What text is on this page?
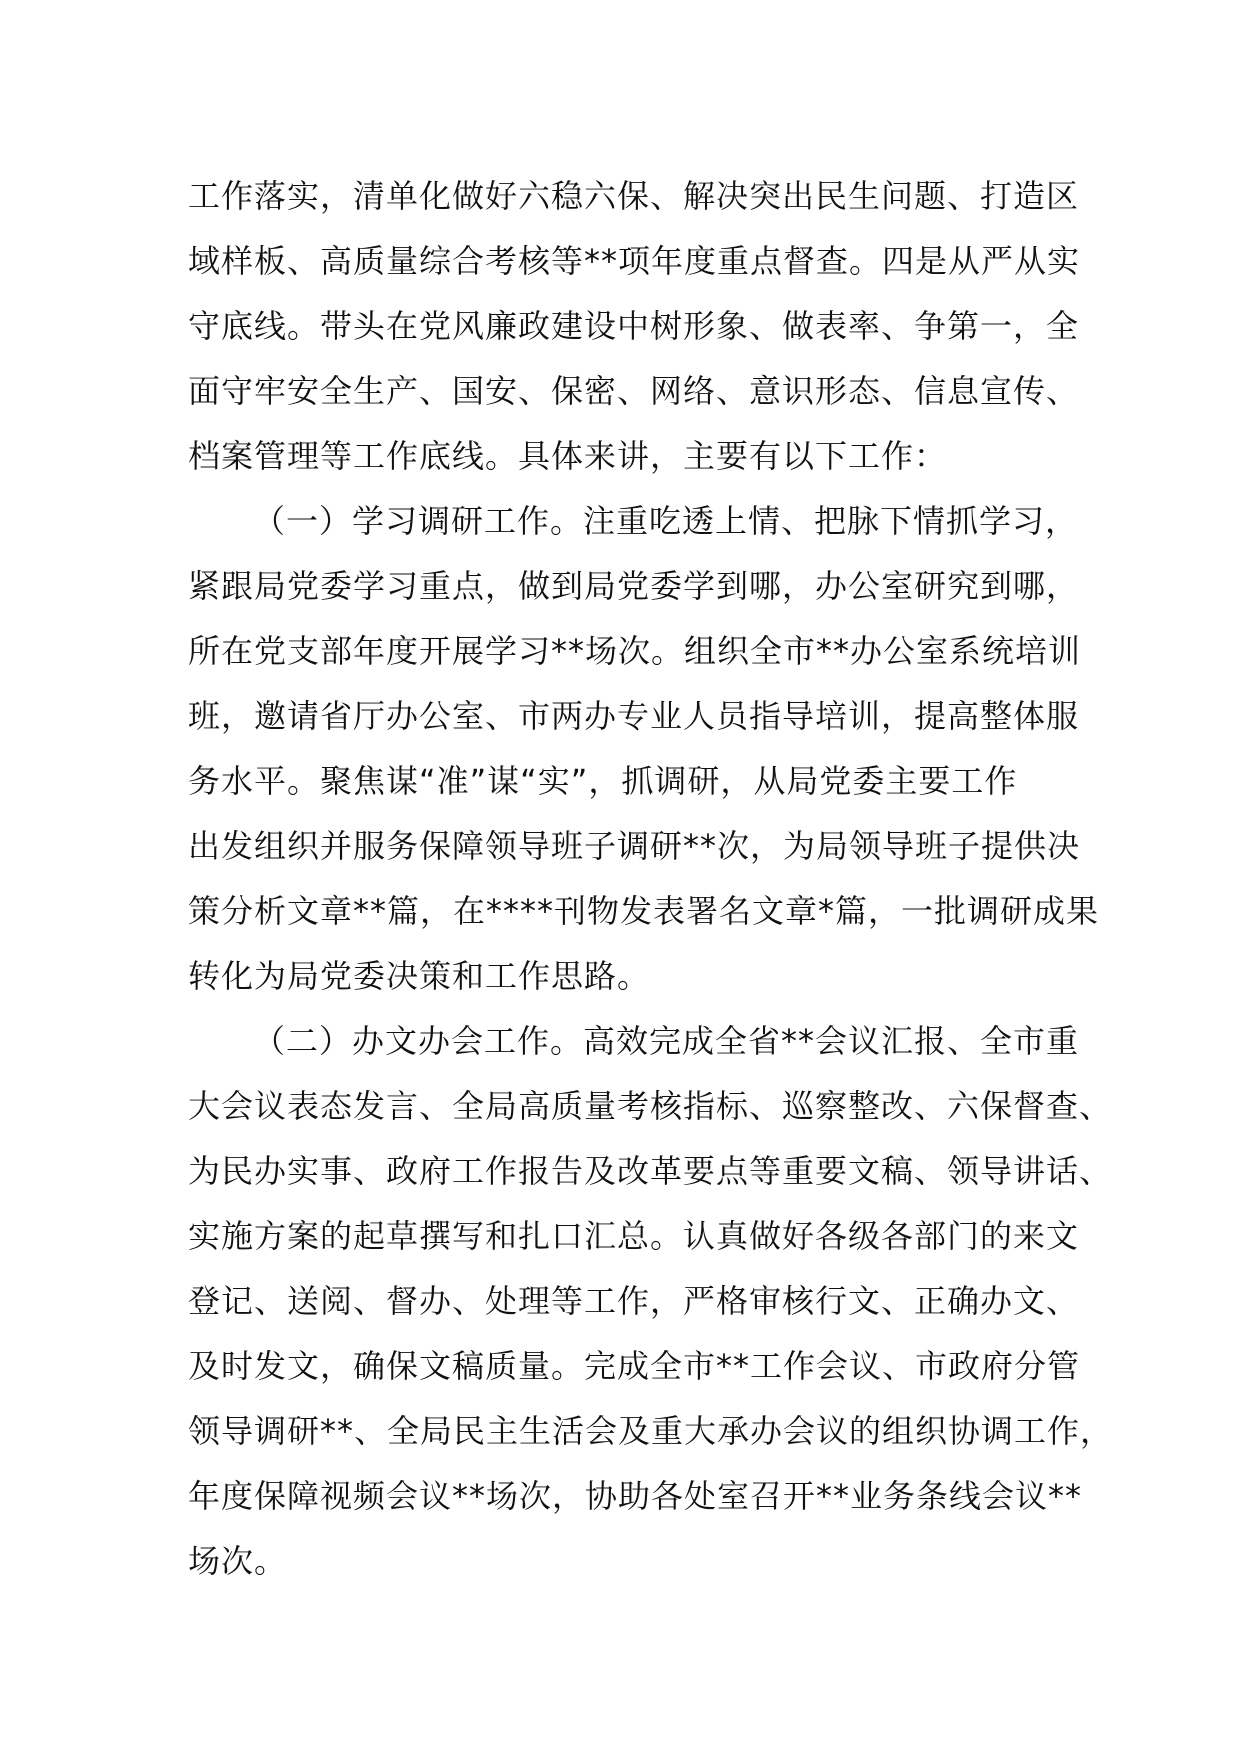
工作落实，清单化做好六稳六保、解决突出民生问题、打造区
域样板、高质量综合考核等**项年度重点督查。四是从严从实
守底线。带头在党风廉政建设中树形象、做表率、争第一，全
面守牢安全生产、国安、保密、网络、意识形态、信息宣传、
档案管理等工作底线。具体来讲，主要有以下工作：
（一）学习调研工作。注重吃透上情、把脉下情抓学习，
紧跟局党委学习重点，做到局党委学到哪，办公室研究到哪，
所在党支部年度开展学习**场次。组织全市**办公室系统培训
班，邀请省厅办公室、市两办专业人员指导培训，提高整体服
务水平。聚焦谋“准”谋“实”，抓调研，从局党委主要工作
出发组织并服务保障领导班子调研**次，为局领导班子提供决
策分析文章**篇，在****刊物发表署名文章*篇，一批调研成果
转化为局党委决策和工作思路。
（二）办文办会工作。高效完成全省**会议汇报、全市重
大会议表态发言、全局高质量考核指标、巡察整改、六保督查、
为民办实事、政府工作报告及改革要点等重要文稿、领导讲话、
实施方案的起草撰写和扎口汇总。认真做好各级各部门的来文
登记、送阅、督办、处理等工作，严格审核行文、正确办文、
及时发文，确保文稿质量。完成全市**工作会议、市政府分管
领导调研**、全局民主生活会及重大承办会议的组织协调工作，
年度保障视频会议**场次，协助各处室召开**业务条线会议**
场次。
